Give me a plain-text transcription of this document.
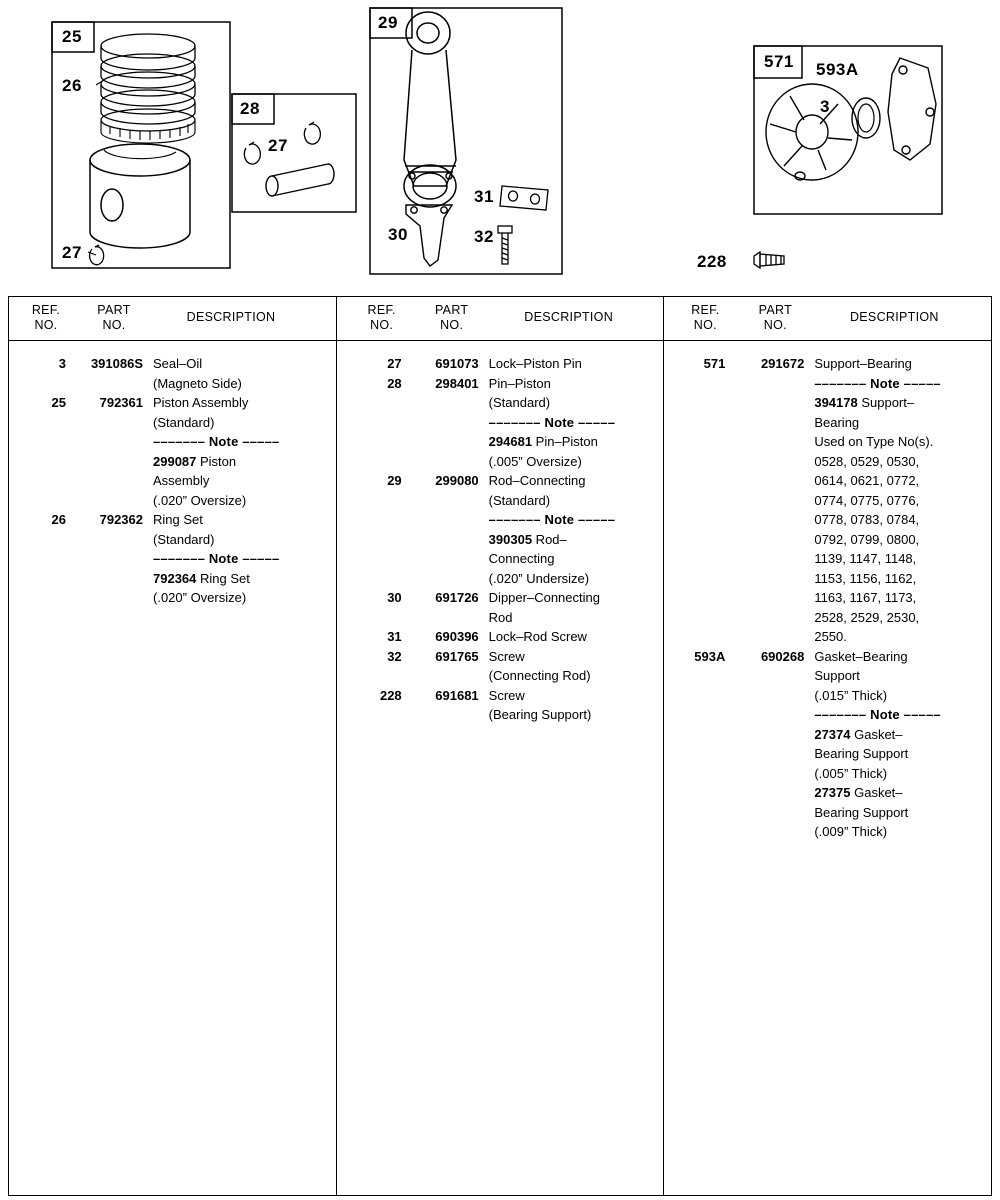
25
26
27
27
28
29
30
31
32
228
571 593A
3
REF.
NO.
PART
NO.
DESCRIPTION
3	391086S Seal–Oil
(Magneto Side)
25	792361 Piston Assembly
(Standard)
––––––– Note –––––
299087 Piston
Assembly
(.020” Oversize)
26	792362 Ring Set
(Standard)
––––––– Note –––––
792364 Ring Set
(.020” Oversize)
REF.
NO.
PART
NO.
DESCRIPTION
27	691073 Lock–Piston Pin
28	298401 Pin–Piston
(Standard)
––––––– Note –––––
294681 Pin–Piston
(.005” Oversize)
29	299080 Rod–Connecting
(Standard)
––––––– Note –––––
390305 Rod–
Connecting
(.020” Undersize)
30	691726 Dipper–Connecting
Rod
31	690396 Lock–Rod Screw
32	691765 Screw
(Connecting Rod)
228	691681 Screw
(Bearing Support)
REF.
NO.
PART
NO.
DESCRIPTION
571	291672 Support–Bearing
––––––– Note –––––
394178 Support–
Bearing
Used on Type No(s).
0528, 0529, 0530,
0614, 0621, 0772,
0774, 0775, 0776,
0778, 0783, 0784,
0792, 0799, 0800,
1139, 1147, 1148,
1153, 1156, 1162,
1163, 1167, 1173,
2528, 2529, 2530,
2550.
593A	690268 Gasket–Bearing
Support
(.015” Thick)
––––––– Note –––––
27374 Gasket–
Bearing Support
(.005” Thick)
27375 Gasket–
Bearing Support
(.009” Thick)
